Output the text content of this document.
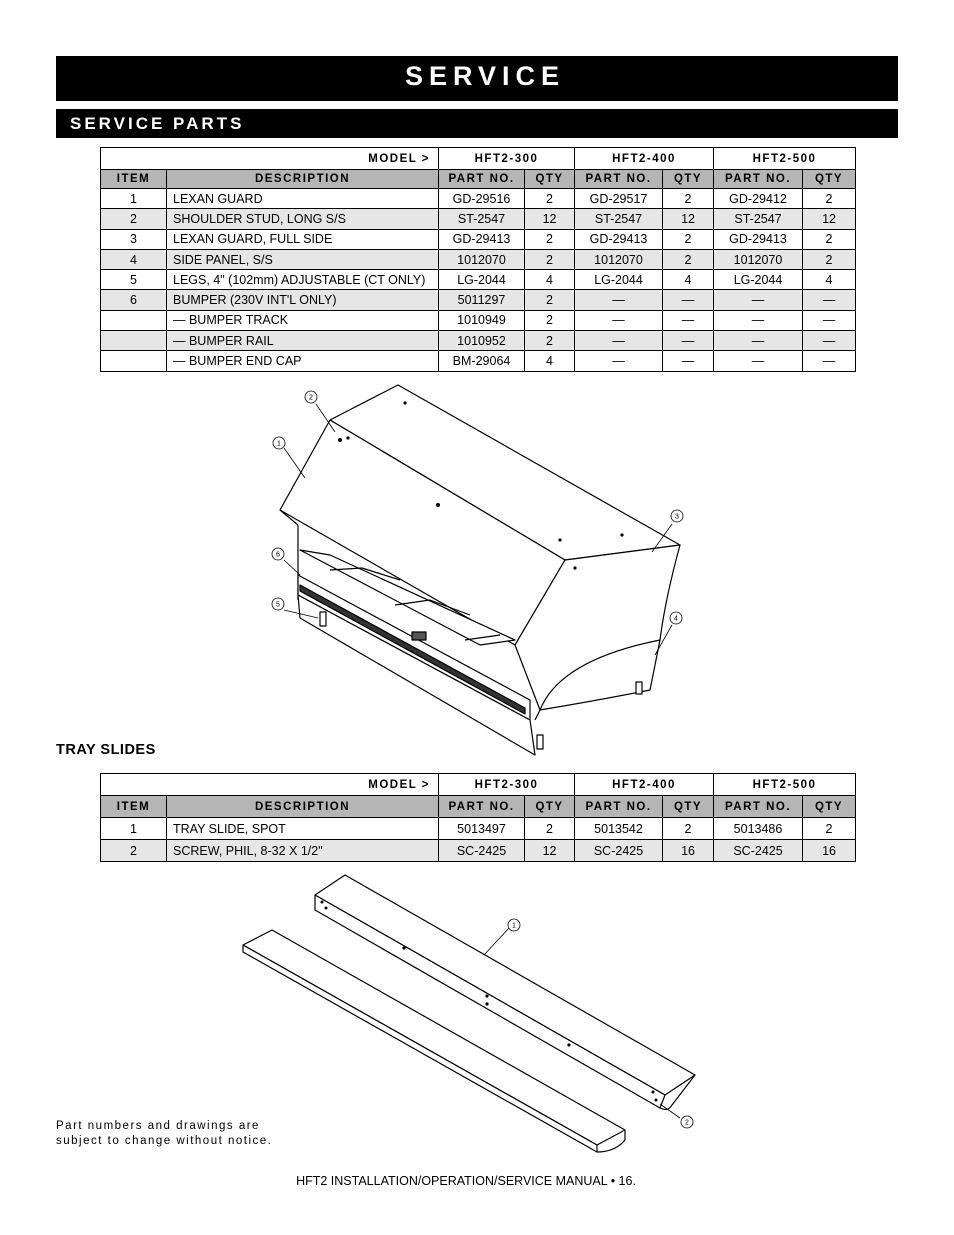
SERVICE
SERVICE PARTS
MODEL >		HFT2-300		HFT2-400		HFT2-500	
ITEM	DESCRIPTION	PART NO.	QTY	PART NO.	QTY	PART NO.	QTY
1	LEXAN GUARD	GD-29516	2	GD-29517	2	GD-29412	2
2	SHOULDER STUD, LONG S/S	ST-2547	12	ST-2547	12	ST-2547	12
3	LEXAN GUARD, FULL SIDE	GD-29413	2	GD-29413	2	GD-29413	2
4	SIDE PANEL, S/S	1012070	2	1012070	2	1012070	2
5	LEGS, 4" (102mm) ADJUSTABLE (CT ONLY)	LG-2044	4	LG-2044	4	LG-2044	4
6	BUMPER (230V INT'L ONLY)	5011297	2	—	—	—	—
	— BUMPER TRACK	1010949	2	—	—	—	—
	— BUMPER RAIL	1010952	2	—	—	—	—
	— BUMPER END CAP	BM-29064	4	—	—	—	—
2
1
3
6
5
4
TRAY SLIDES
MODEL >		HFT2-300		HFT2-400		HFT2-500	
ITEM	DESCRIPTION	PART NO.	QTY	PART NO.	QTY	PART NO.	QTY
1	TRAY SLIDE, SPOT	5013497	2	5013542	2	5013486	2
2	SCREW, PHIL, 8-32 X 1/2"	SC-2425	12	SC-2425	16	SC-2425	16
1
2
Part numbers and drawings are
subject to change without notice.
HFT2 INSTALLATION/OPERATION/SERVICE MANUAL • 16.
